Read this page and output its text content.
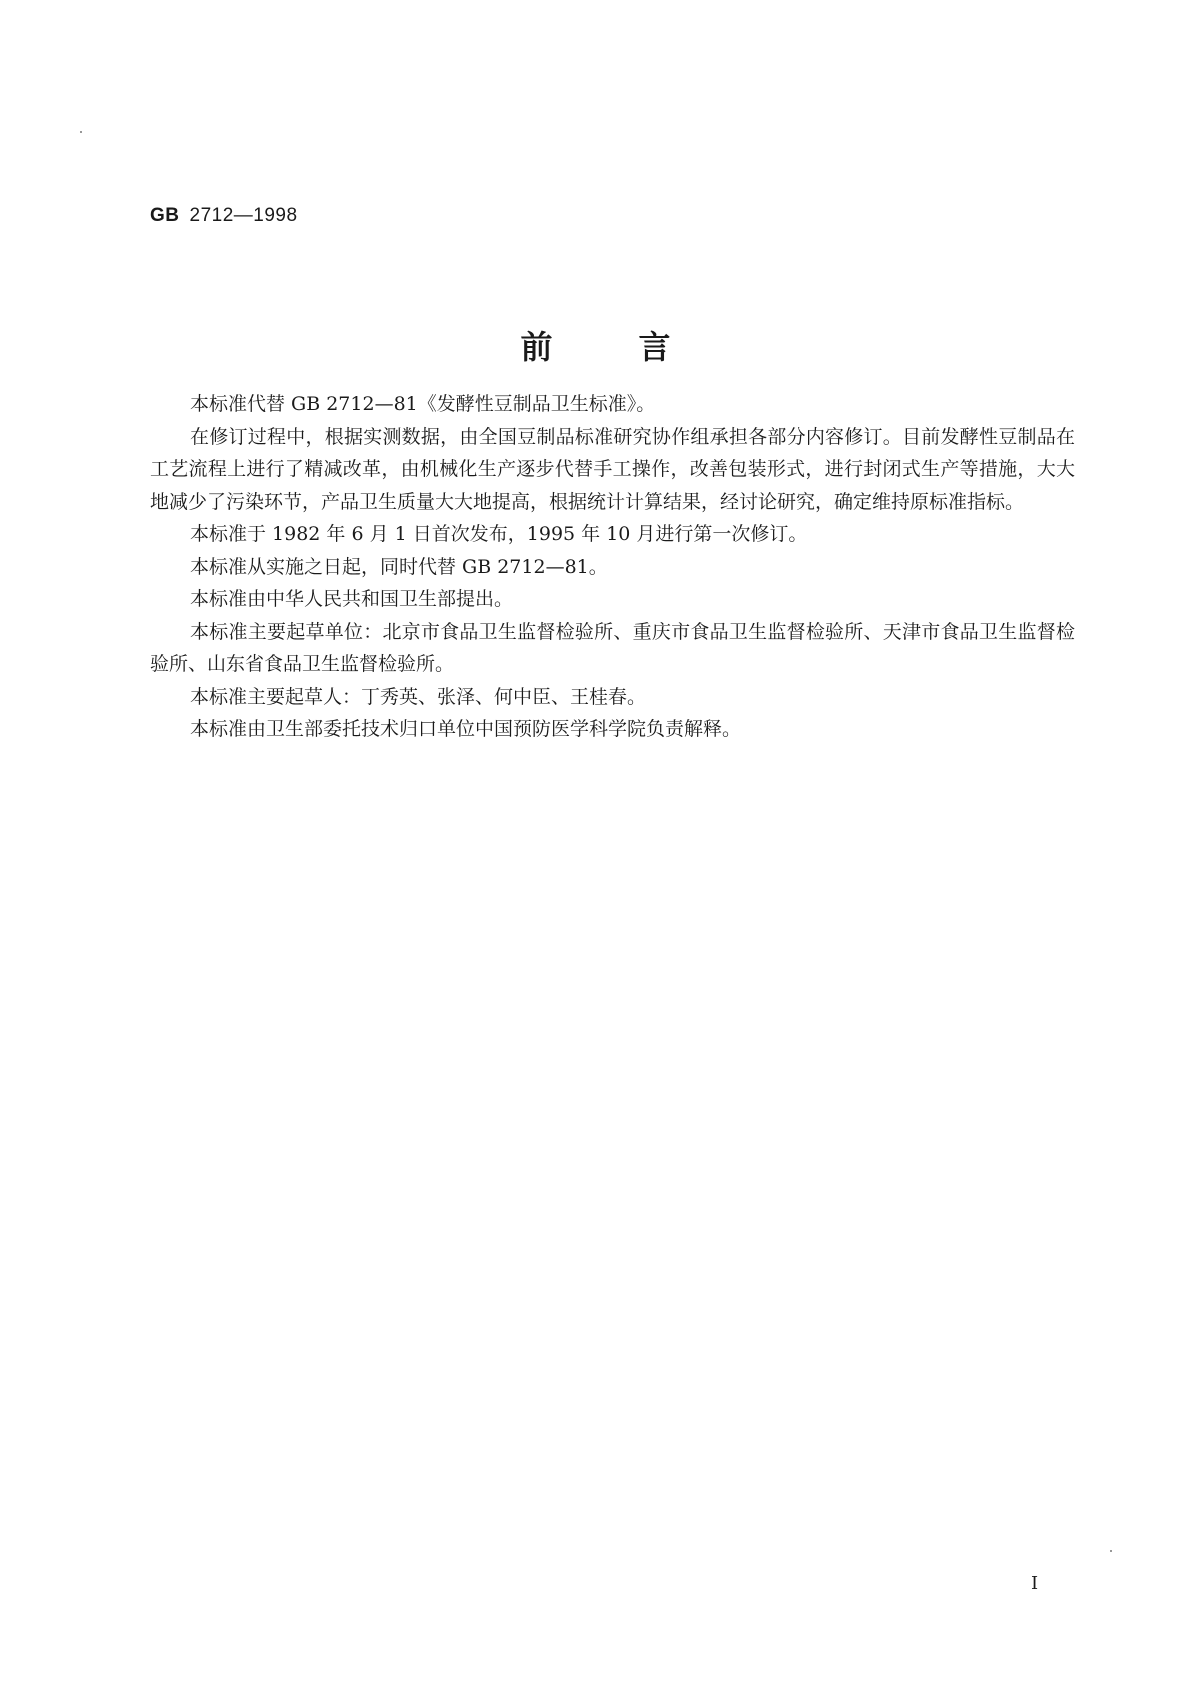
GB 2712—1998
前言

本标准代替 GB 2712—81《发酵性豆制品卫生标准》。

在修订过程中，根据实测数据，由全国豆制品标准研究协作组承担各部分内容修订。目前发酵性豆制品在工艺流程上进行了精减改革，由机械化生产逐步代替手工操作，改善包装形式，进行封闭式生产等措施，大大地减少了污染环节，产品卫生质量大大地提高，根据统计计算结果，经讨论研究，确定维持原标准指标。

本标准于 1982 年 6 月 1 日首次发布，1995 年 10 月进行第一次修订。

本标准从实施之日起，同时代替 GB 2712—81。

本标准由中华人民共和国卫生部提出。

本标准主要起草单位：北京市食品卫生监督检验所、重庆市食品卫生监督检验所、天津市食品卫生监督检验所、山东省食品卫生监督检验所。

本标准主要起草人：丁秀英、张泽、何中臣、王桂春。

本标准由卫生部委托技术归口单位中国预防医学科学院负责解释。

I
